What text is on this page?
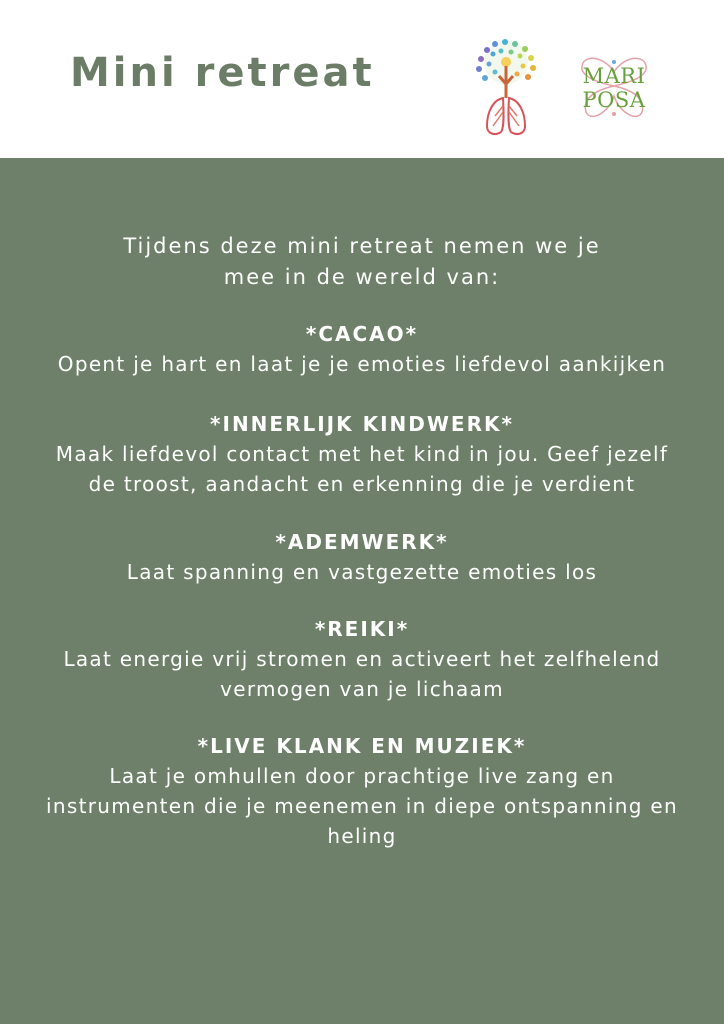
Mini retreat	MARI
POSA
Tijdens deze mini retreat nemen we je
mee in de wereld van:
*CACAO*
Opent je hart en laat je je emoties liefdevol aankijken
*INNERLIJK KINDWERK*
Maak liefdevol contact met het kind in jou. Geef jezelf
de troost, aandacht en erkenning die je verdient
*ADEMWERK*
Laat spanning en vastgezette emoties los
*REIKI*
Laat energie vrij stromen en activeert het zelfhelend
vermogen van je lichaam
*LIVE KLANK EN MUZIEK*
Laat je omhullen door prachtige live zang en
instrumenten die je meenemen in diepe ontspanning en
heling
